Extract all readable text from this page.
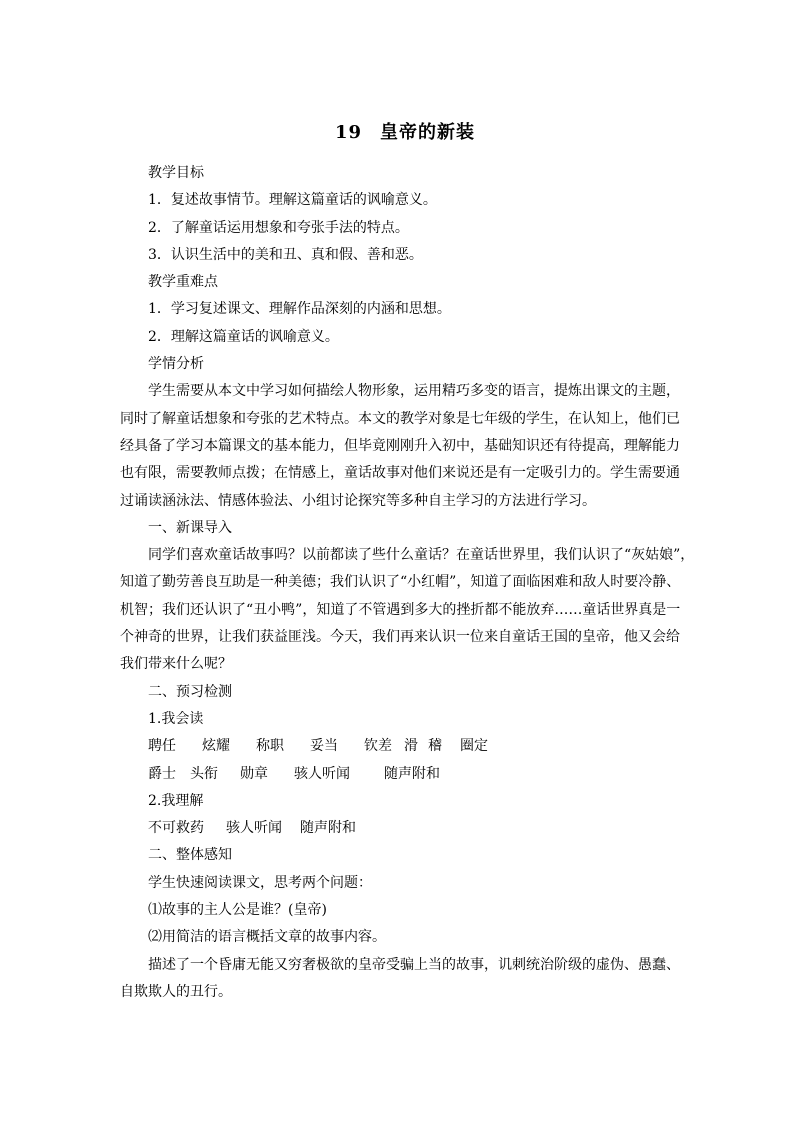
19 皇帝的新装

教学目标

1．复述故事情节。理解这篇童话的讽喻意义。

2．了解童话运用想象和夸张手法的特点。

3．认识生活中的美和丑、真和假、善和恶。

教学重难点

1．学习复述课文、理解作品深刻的内涵和思想。

2．理解这篇童话的讽喻意义。

学情分析

学生需要从本文中学习如何描绘人物形象，运用精巧多变的语言，提炼出课文的主题，

同时了解童话想象和夸张的艺术特点。本文的教学对象是七年级的学生，在认知上，他们已

经具备了学习本篇课文的基本能力，但毕竟刚刚升入初中，基础知识还有待提高，理解能力

也有限，需要教师点拨；在情感上，童话故事对他们来说还是有一定吸引力的。学生需要通

过诵读涵泳法、情感体验法、小组讨论探究等多种自主学习的方法进行学习。

一、新课导入

同学们喜欢童话故事吗？以前都读了些什么童话？在童话世界里，我们认识了“灰姑娘”，

知道了勤劳善良互助是一种美德；我们认识了“小红帽”，知道了面临困难和敌人时要冷静、

机智；我们还认识了“丑小鸭”，知道了不管遇到多大的挫折都不能放弃……童话世界真是一

个神奇的世界，让我们获益匪浅。今天，我们再来认识一位来自童话王国的皇帝，他又会给

我们带来什么呢？

二、预习检测

1.我会读

聘任 炫耀 称职 妥当 钦差 滑 稽 圈定

爵士 头衔 勋章 骇人听闻 随声附和

2.我理解

不可救药 骇人听闻 随声附和

二、整体感知

学生快速阅读课文，思考两个问题：

⑴故事的主人公是谁？(皇帝)

⑵用简洁的语言概括文章的故事内容。

描述了一个昏庸无能又穷奢极欲的皇帝受骗上当的故事，讥刺统治阶级的虚伪、愚蠢、

自欺欺人的丑行。
